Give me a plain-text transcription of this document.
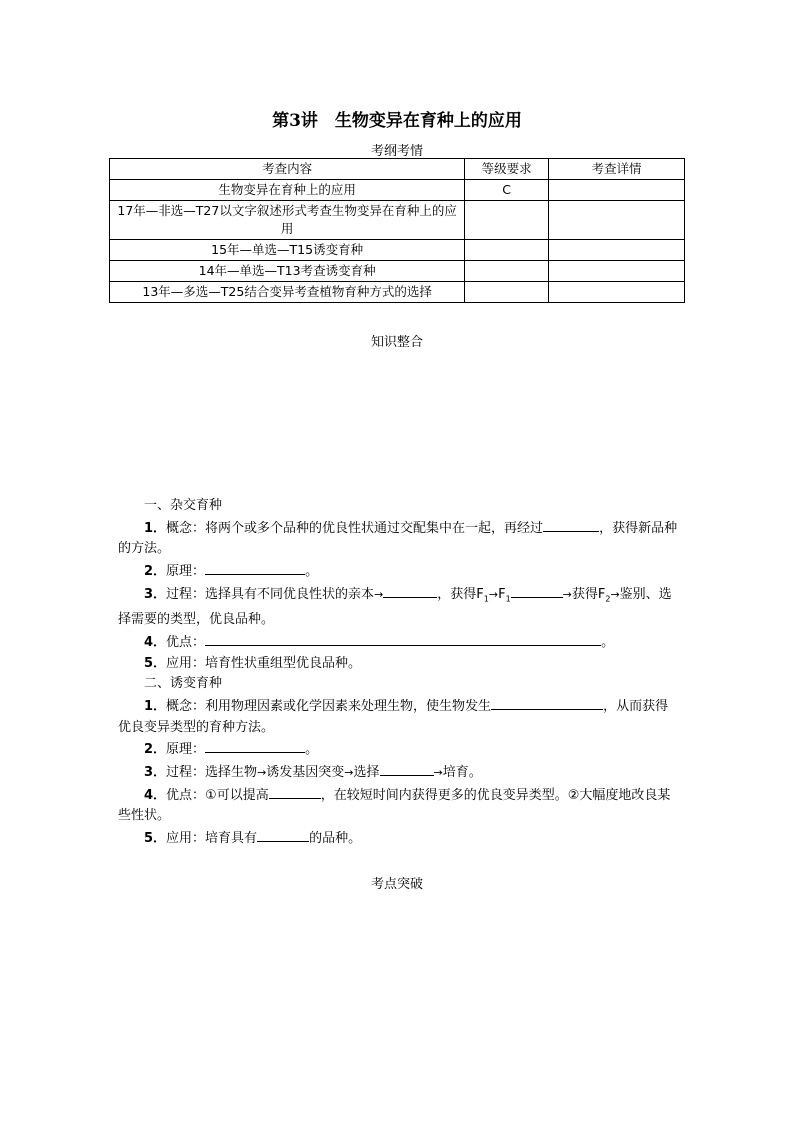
第3讲　生物变异在育种上的应用
考纲考情
考查内容	等级要求	考查详情
生物变异在育种上的应用	C	
17年—非选—T27以文字叙述形式考查生物变异在育种上的应用		
15年—单选—T15诱变育种		
14年—单选—T13考查诱变育种		
13年—多选—T25结合变异考查植物育种方式的选择		
知识整合

一、杂交育种

1．概念：将两个或多个品种的优良性状通过交配集中在一起，再经过	，获得新品种的方法。

2．原理：	。

3．过程：选择具有不同优良性状的亲本→	，获得$F_1\to F_1$	→获得$F_2\to$鉴别、选择需要的类型，优良品种。

4．优点：	。

5．应用：培育性状重组型优良品种。

二、诱变育种

1．概念：利用物理因素或化学因素来处理生物，使生物发生	，从而获得优良变异类型的育种方法。

2．原理：	。

3．过程：选择生物→诱发基因突变→选择	→培育。

4．优点：①可以提高	，在较短时间内获得更多的优良变异类型。②大幅度地改良某些性状。

5．应用：培育具有	的品种。

考点突破
